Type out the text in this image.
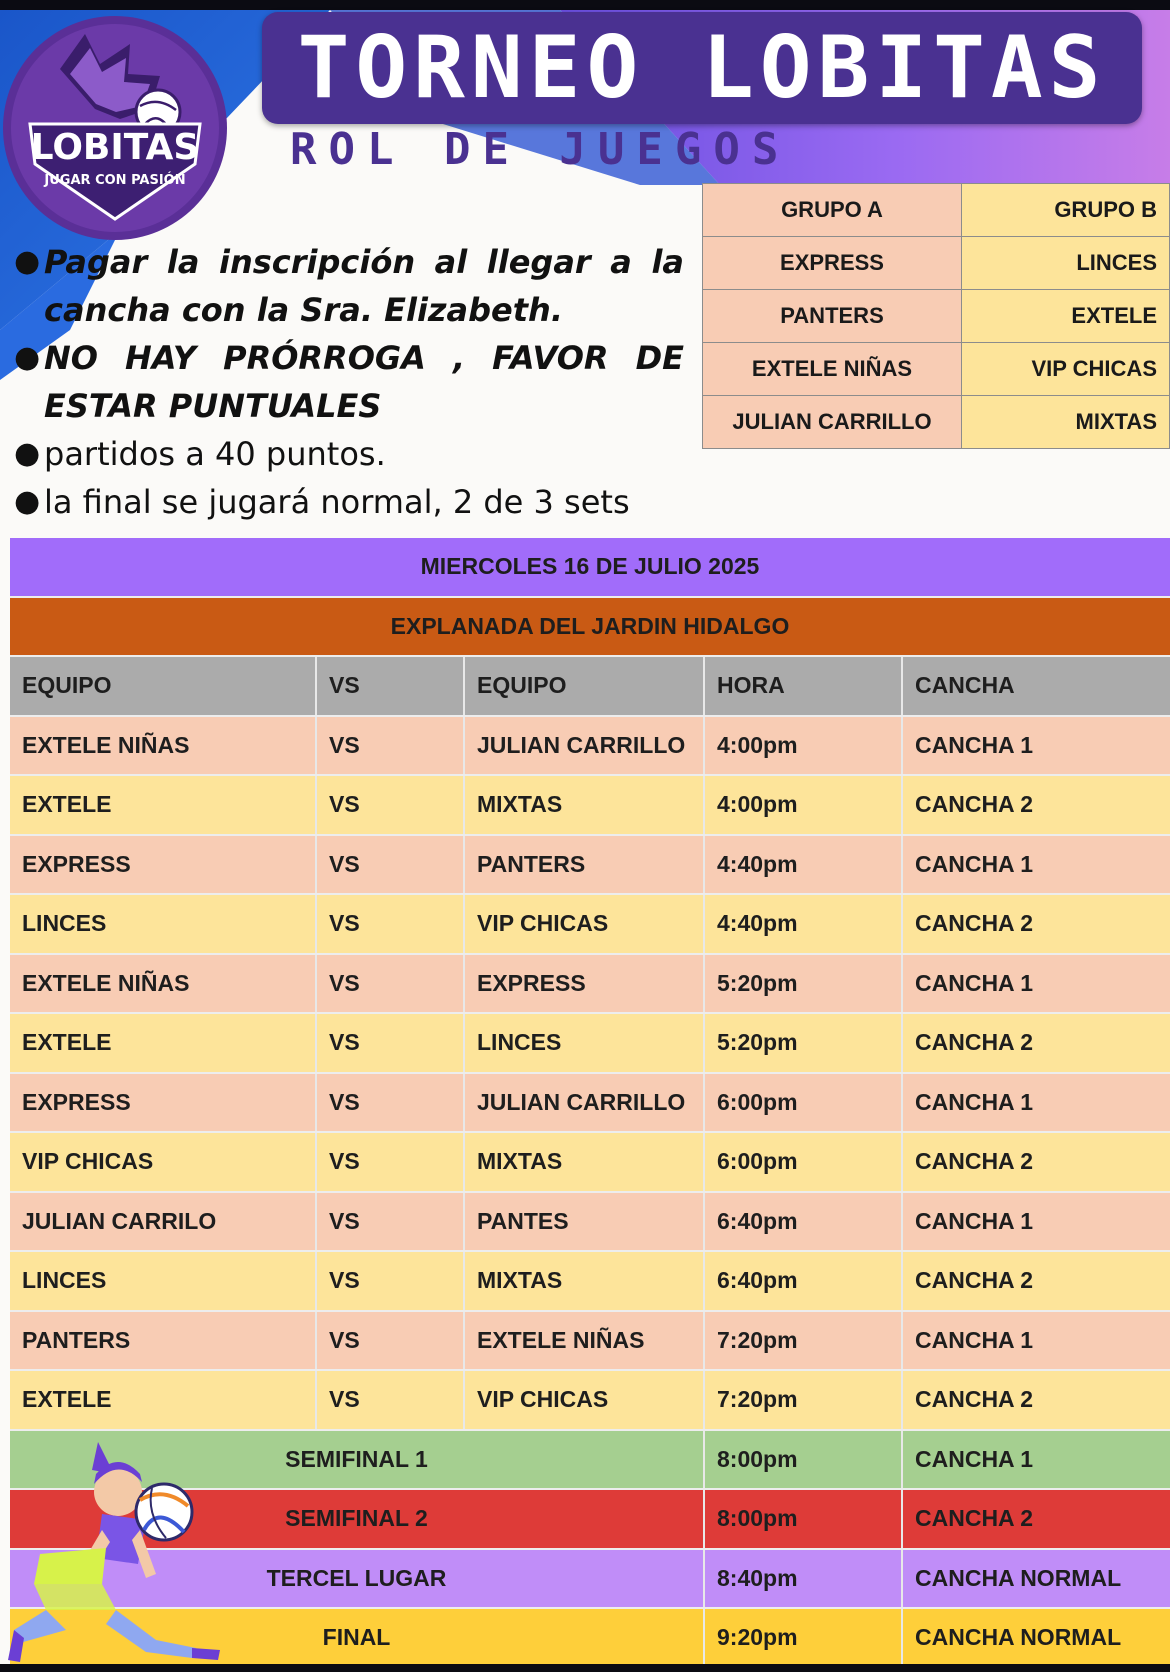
TORNEO LOBITAS
ROL DE JUEGOS
LOBITAS
JUGAR CON PASIÓN

● Pagar la inscripción al llegar a la cancha con la Sra. Elizabeth.

● NO HAY PRÓRROGA , FAVOR DE ESTAR PUNTUALES

● partidos a 40 puntos.

● la final se jugará normal, 2 de 3 sets

GRUPO A	GRUPO B
EXPRESS	LINCES
PANTERS	EXTELE
EXTELE NIÑAS	VIP CHICAS
JULIAN CARRILLO	MIXTAS
MIERCOLES 16 DE JULIO 2025				
EXPLANADA DEL JARDIN HIDALGO				
EQUIPO	VS	EQUIPO	HORA	CANCHA
EXTELE NIÑAS	VS	JULIAN CARRILLO	4:00pm	CANCHA 1
EXTELE	VS	MIXTAS	4:00pm	CANCHA 2
EXPRESS	VS	PANTERS	4:40pm	CANCHA 1
LINCES	VS	VIP CHICAS	4:40pm	CANCHA 2
EXTELE NIÑAS	VS	EXPRESS	5:20pm	CANCHA 1
EXTELE	VS	LINCES	5:20pm	CANCHA 2
EXPRESS	VS	JULIAN CARRILLO	6:00pm	CANCHA 1
VIP CHICAS	VS	MIXTAS	6:00pm	CANCHA 2
JULIAN CARRILO	VS	PANTES	6:40pm	CANCHA 1
LINCES	VS	MIXTAS	6:40pm	CANCHA 2
PANTERS	VS	EXTELE NIÑAS	7:20pm	CANCHA 1
EXTELE	VS	VIP CHICAS	7:20pm	CANCHA 2
SEMIFINAL 1			8:00pm	CANCHA 1
SEMIFINAL 2			8:00pm	CANCHA 2
TERCEL LUGAR			8:40pm	CANCHA NORMAL
FINAL			9:20pm	CANCHA NORMAL
